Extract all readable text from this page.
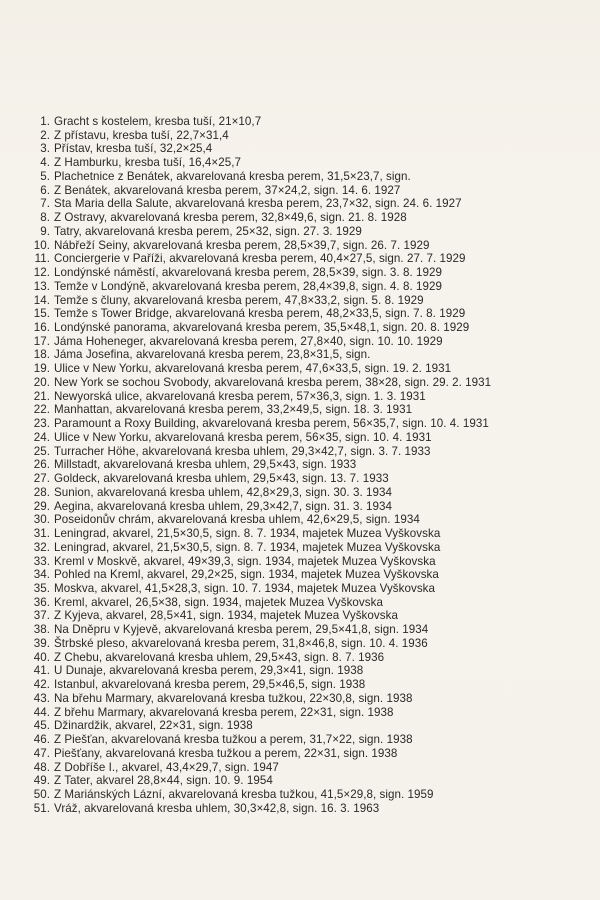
1. Gracht s kostelem, kresba tuší, 21×10,7
2. Z přístavu, kresba tuší, 22,7×31,4
3. Přístav, kresba tuší, 32,2×25,4
4. Z Hamburku, kresba tuší, 16,4×25,7
5. Plachetnice z Benátek, akvarelovaná kresba perem, 31,5×23,7, sign.
6. Z Benátek, akvarelovaná kresba perem, 37×24,2, sign. 14. 6. 1927
7. Sta Maria della Salute, akvarelovaná kresba perem, 23,7×32, sign. 24. 6. 1927
8. Z Ostravy, akvarelovaná kresba perem, 32,8×49,6, sign. 21. 8. 1928
9. Tatry, akvarelovaná kresba perem, 25×32, sign. 27. 3. 1929
10. Nábřeží Seiny, akvarelovaná kresba perem, 28,5×39,7, sign. 26. 7. 1929
11. Conciergerie v Paříži, akvarelovaná kresba perem, 40,4×27,5, sign. 27. 7. 1929
12. Londýnské náměstí, akvarelovaná kresba perem, 28,5×39, sign. 3. 8. 1929
13. Temže v Londýně, akvarelovaná kresba perem, 28,4×39,8, sign. 4. 8. 1929
14. Temže s čluny, akvarelovaná kresba perem, 47,8×33,2, sign. 5. 8. 1929
15. Temže s Tower Bridge, akvarelovaná kresba perem, 48,2×33,5, sign. 7. 8. 1929
16. Londýnské panorama, akvarelovaná kresba perem, 35,5×48,1, sign. 20. 8. 1929
17. Jáma Hoheneger, akvarelovaná kresba perem, 27,8×40, sign. 10. 10. 1929
18. Jáma Josefina, akvarelovaná kresba perem, 23,8×31,5, sign.
19. Ulice v New Yorku, akvarelovaná kresba perem, 47,6×33,5, sign. 19. 2. 1931
20. New York se sochou Svobody, akvarelovaná kresba perem, 38×28, sign. 29. 2. 1931
21. Newyorská ulice, akvarelovaná kresba perem, 57×36,3, sign. 1. 3. 1931
22. Manhattan, akvarelovaná kresba perem, 33,2×49,5, sign. 18. 3. 1931
23. Paramount a Roxy Building, akvarelovaná kresba perem, 56×35,7, sign. 10. 4. 1931
24. Ulice v New Yorku, akvarelovaná kresba perem, 56×35, sign. 10. 4. 1931
25. Turracher Höhe, akvarelovaná kresba uhlem, 29,3×42,7, sign. 3. 7. 1933
26. Millstadt, akvarelovaná kresba uhlem, 29,5×43, sign. 1933
27. Goldeck, akvarelovaná kresba uhlem, 29,5×43, sign. 13. 7. 1933
28. Sunion, akvarelovaná kresba uhlem, 42,8×29,3, sign. 30. 3. 1934
29. Aegina, akvarelovaná kresba uhlem, 29,3×42,7, sign. 31. 3. 1934
30. Poseidonův chrám, akvarelovaná kresba uhlem, 42,6×29,5, sign. 1934
31. Leningrad, akvarel, 21,5×30,5, sign. 8. 7. 1934, majetek Muzea Vyškovska
32. Leningrad, akvarel, 21,5×30,5, sign. 8. 7. 1934, majetek Muzea Vyškovska
33. Kreml v Moskvě, akvarel, 49×39,3, sign. 1934, majetek Muzea Vyškovska
34. Pohled na Kreml, akvarel, 29,2×25, sign. 1934, majetek Muzea Vyškovska
35. Moskva, akvarel, 41,5×28,3, sign. 10. 7. 1934, majetek Muzea Vyškovska
36. Kreml, akvarel, 26,5×38, sign. 1934, majetek Muzea Vyškovska
37. Z Kyjeva, akvarel, 28,5×41, sign. 1934, majetek Muzea Vyškovska
38. Na Dněpru v Kyjevě, akvarelovaná kresba perem, 29,5×41,8, sign. 1934
39. Štrbské pleso, akvarelovaná kresba perem, 31,8×46,8, sign. 10. 4. 1936
40. Z Chebu, akvarelovaná kresba uhlem, 29,5×43, sign. 8. 7. 1936
41. U Dunaje, akvarelovaná kresba perem, 29,3×41, sign. 1938
42. Istanbul, akvarelovaná kresba perem, 29,5×46,5, sign. 1938
43. Na břehu Marmary, akvarelovaná kresba tužkou, 22×30,8, sign. 1938
44. Z břehu Marmary, akvarelovaná kresba perem, 22×31, sign. 1938
45. Džinardžik, akvarel, 22×31, sign. 1938
46. Z Piešťan, akvarelovaná kresba tužkou a perem, 31,7×22, sign. 1938
47. Piešťany, akvarelovaná kresba tužkou a perem, 22×31, sign. 1938
48. Z Dobříše I., akvarel, 43,4×29,7, sign. 1947
49. Z Tater, akvarel 28,8×44, sign. 10. 9. 1954
50. Z Mariánských Lázní, akvarelovaná kresba tužkou, 41,5×29,8, sign. 1959
51. Vráž, akvarelovaná kresba uhlem, 30,3×42,8, sign. 16. 3. 1963
